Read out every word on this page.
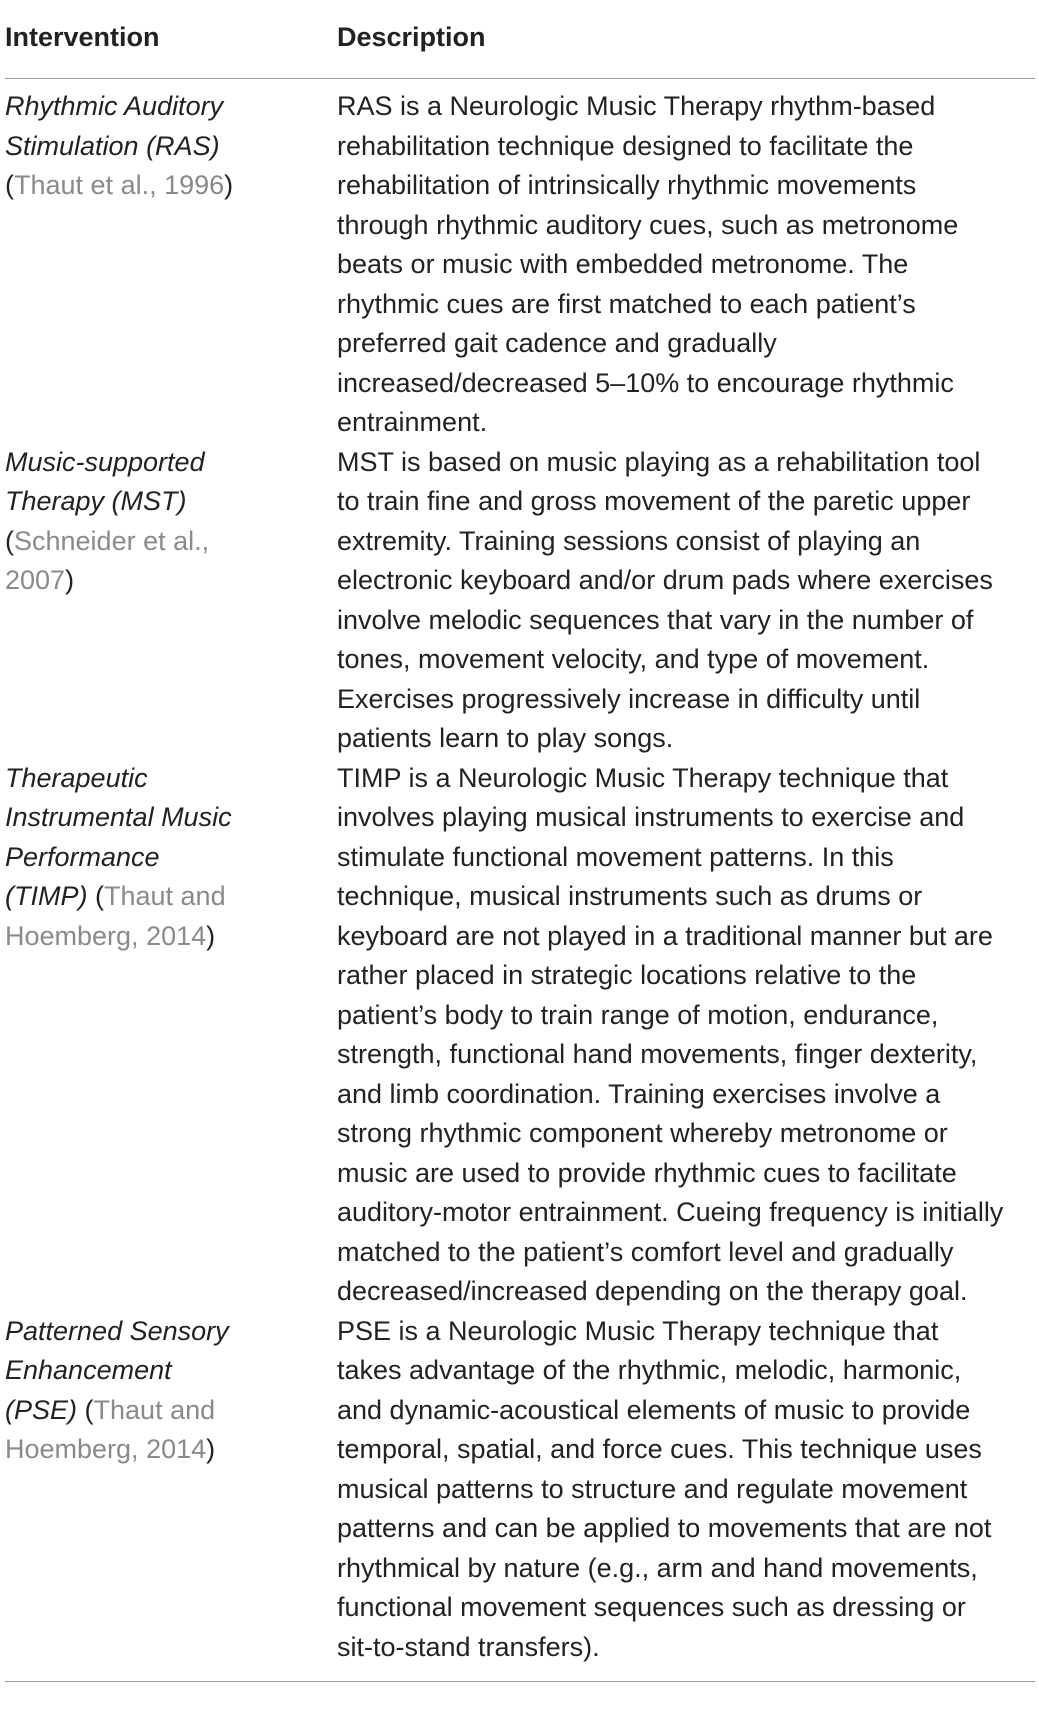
Intervention	Description
Rhythmic Auditory
Stimulation (RAS)
(Thaut et al., 1996)
RAS is a Neurologic Music Therapy rhythm-based
rehabilitation technique designed to facilitate the
rehabilitation of intrinsically rhythmic movements
through rhythmic auditory cues, such as metronome
beats or music with embedded metronome. The
rhythmic cues are first matched to each patient’s
preferred gait cadence and gradually
increased/decreased 5–10% to encourage rhythmic
entrainment.
Music-supported
Therapy (MST)
(Schneider et al.,
2007)
MST is based on music playing as a rehabilitation tool
to train fine and gross movement of the paretic upper
extremity. Training sessions consist of playing an
electronic keyboard and/or drum pads where exercises
involve melodic sequences that vary in the number of
tones, movement velocity, and type of movement.
Exercises progressively increase in difficulty until
patients learn to play songs.
Therapeutic
Instrumental Music
Performance
(TIMP) (Thaut and
Hoemberg, 2014)
TIMP is a Neurologic Music Therapy technique that
involves playing musical instruments to exercise and
stimulate functional movement patterns. In this
technique, musical instruments such as drums or
keyboard are not played in a traditional manner but are
rather placed in strategic locations relative to the
patient’s body to train range of motion, endurance,
strength, functional hand movements, finger dexterity,
and limb coordination. Training exercises involve a
strong rhythmic component whereby metronome or
music are used to provide rhythmic cues to facilitate
auditory-motor entrainment. Cueing frequency is initially
matched to the patient’s comfort level and gradually
decreased/increased depending on the therapy goal.
Patterned Sensory
Enhancement
(PSE) (Thaut and
Hoemberg, 2014)
PSE is a Neurologic Music Therapy technique that
takes advantage of the rhythmic, melodic, harmonic,
and dynamic-acoustical elements of music to provide
temporal, spatial, and force cues. This technique uses
musical patterns to structure and regulate movement
patterns and can be applied to movements that are not
rhythmical by nature (e.g., arm and hand movements,
functional movement sequences such as dressing or
sit-to-stand transfers).
